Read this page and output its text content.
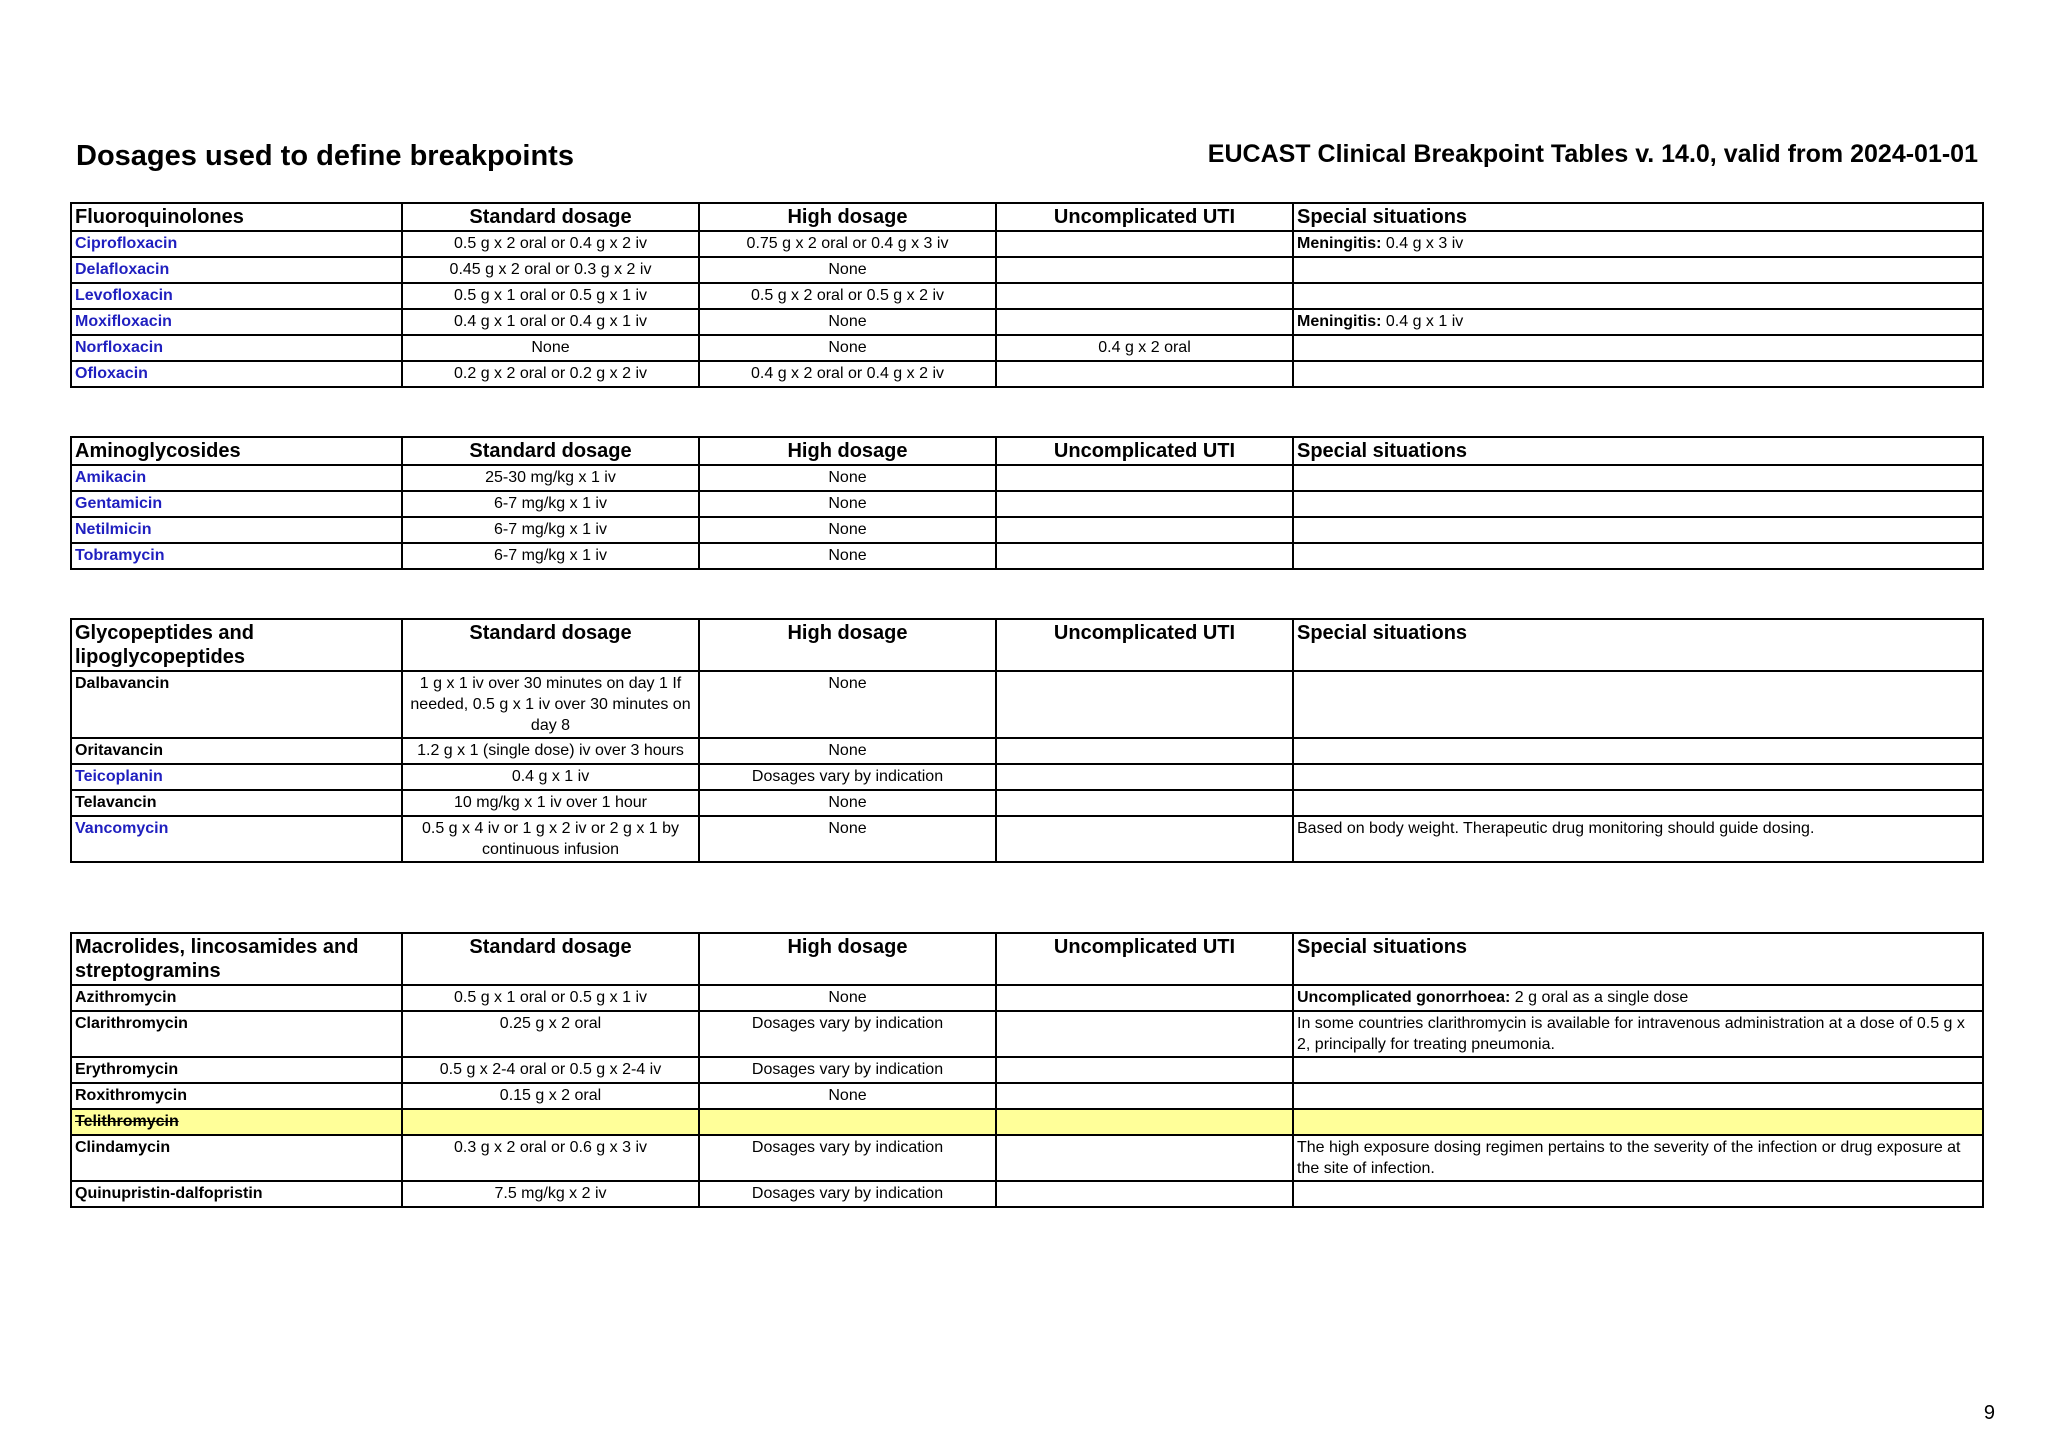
Dosages used to define breakpoints	EUCAST Clinical Breakpoint Tables v. 14.0, valid from 2024-01-01
Fluoroquinolones	Standard dosage	High dosage	Uncomplicated UTI	Special situations
Ciprofloxacin	0.5 g x 2 oral or 0.4 g x 2 iv	0.75 g x 2 oral or 0.4 g x 3 iv		Meningitis: 0.4 g x 3 iv
Delafloxacin	0.45 g x 2 oral or 0.3 g x 2 iv	None		
Levofloxacin	0.5 g x 1 oral or 0.5 g x 1 iv	0.5 g x 2 oral or 0.5 g x 2 iv		
Moxifloxacin	0.4 g x 1 oral or 0.4 g x 1 iv	None		Meningitis: 0.4 g x 1 iv
Norfloxacin	None	None	0.4 g x 2 oral	
Ofloxacin	0.2 g x 2 oral or 0.2 g x 2 iv	0.4 g x 2 oral or 0.4 g x 2 iv		
Aminoglycosides	Standard dosage	High dosage	Uncomplicated UTI	Special situations
Amikacin	25-30 mg/kg x 1 iv	None		
Gentamicin	6-7 mg/kg x 1 iv	None		
Netilmicin	6-7 mg/kg x 1 iv	None		
Tobramycin	6-7 mg/kg x 1 iv	None		
Glycopeptides and lipoglycopeptides	Standard dosage	High dosage	Uncomplicated UTI	Special situations
Dalbavancin	1 g x 1 iv over 30 minutes on day 1 If needed, 0.5 g x 1 iv over 30 minutes on day 8	None		
Oritavancin	1.2 g x 1 (single dose) iv over 3 hours	None		
Teicoplanin	0.4 g x 1 iv	Dosages vary by indication		
Telavancin	10 mg/kg x 1 iv over 1 hour	None		
Vancomycin	0.5 g x 4 iv or 1 g x 2 iv or 2 g x 1 by continuous infusion	None		Based on body weight. Therapeutic drug monitoring should guide dosing.
Macrolides, lincosamides and streptogramins	Standard dosage	High dosage	Uncomplicated UTI	Special situations
Azithromycin	0.5 g x 1 oral or 0.5 g x 1 iv	None		Uncomplicated gonorrhoea: 2 g oral as a single dose
Clarithromycin	0.25 g x 2 oral	Dosages vary by indication		In some countries clarithromycin is available for intravenous administration at a dose of 0.5 g x 2, principally for treating pneumonia.
Erythromycin	0.5 g x 2-4 oral or 0.5 g x 2-4 iv	Dosages vary by indication		
Roxithromycin	0.15 g x 2 oral	None		
Telithromycin				
Clindamycin	0.3 g x 2 oral or 0.6 g x 3 iv	Dosages vary by indication		The high exposure dosing regimen pertains to the severity of the infection or drug exposure at the site of infection.
Quinupristin-dalfopristin	7.5 mg/kg x 2 iv	Dosages vary by indication		
9
